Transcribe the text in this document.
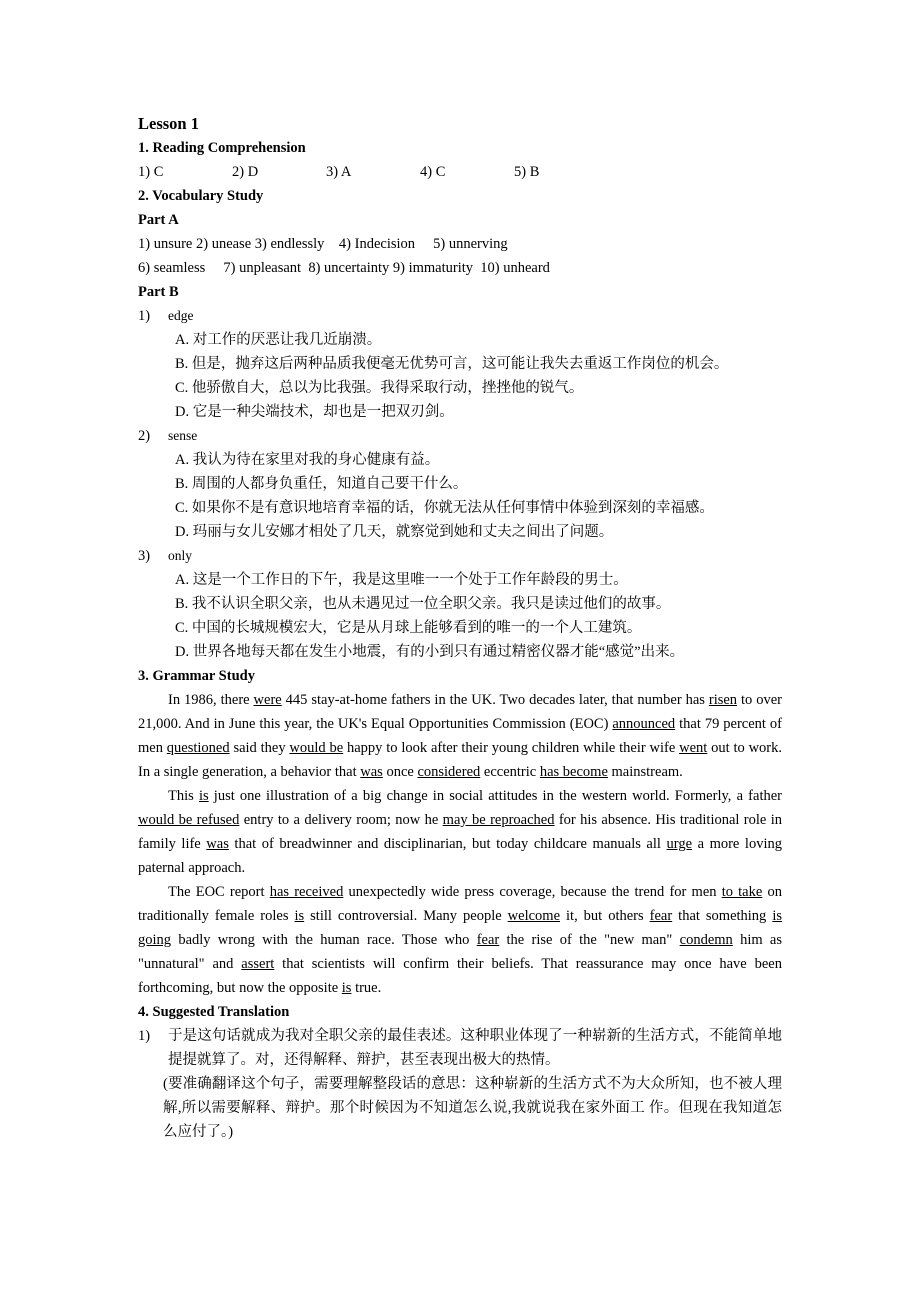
Lesson 1
1. Reading Comprehension
1) C	2) D	3) A	4) C	5) B
2. Vocabulary Study
Part A
1) unsure 2) unease 3) endlessly    4) Indecision     5) unnerving
6) seamless     7) unpleasant  8) uncertainty 9) immaturity  10) unheard
Part B
1)	edge
A. 对工作的厌恶让我几近崩溃。
B. 但是，抛弃这后两种品质我便毫无优势可言，这可能让我失去重返工作岗位的机会。
C. 他骄傲自大，总以为比我强。我得采取行动，挫挫他的锐气。
D. 它是一种尖端技术，却也是一把双刃剑。
2)	sense
A. 我认为待在家里对我的身心健康有益。
B. 周围的人都身负重任，知道自己要干什么。
C. 如果你不是有意识地培育幸福的话，你就无法从任何事情中体验到深刻的幸福感。
D. 玛丽与女儿安娜才相处了几天，就察觉到她和丈夫之间出了问题。
3)	only
A. 这是一个工作日的下午，我是这里唯一一个处于工作年龄段的男士。
B. 我不认识全职父亲，也从未遇见过一位全职父亲。我只是读过他们的故事。
C. 中国的长城规模宏大，它是从月球上能够看到的唯一的一个人工建筑。
D. 世界各地每天都在发生小地震，有的小到只有通过精密仪器才能“感觉”出来。
3. Grammar Study

In 1986, there were 445 stay-at-home fathers in the UK. Two decades later, that number has risen to over 21,000. And in June this year, the UK's Equal Opportunities Commission (EOC) announced that 79 percent of men questioned said they would be happy to look after their young children while their wife went out to work. In a single generation, a behavior that was once considered eccentric has become mainstream.

This is just one illustration of a big change in social attitudes in the western world. Formerly, a father would be refused entry to a delivery room; now he may be reproached for his absence. His traditional role in family life was that of breadwinner and disciplinarian, but today childcare manuals all urge a more loving paternal approach.

The EOC report has received unexpectedly wide press coverage, because the trend for men to take on traditionally female roles is still controversial. Many people welcome it, but others fear that something is going badly wrong with the human race. Those who fear the rise of the "new man" condemn him as "unnatural" and assert that scientists will confirm their beliefs. That reassurance may once have been forthcoming, but now the opposite is true.

4. Suggested Translation
1)	于是这句话就成为我对全职父亲的最佳表述。这种职业体现了一种崭新的生活方式，不能简单地提提就算了。对，还得解释、辩护，甚至表现出极大的热情。
(要准确翻译这个句子，需要理解整段话的意思：这种崭新的生活方式不为大众所知，也不被人理解,所以需要解释、辩护。那个时候因为不知道怎么说,我就说我在家外面工 作。但现在我知道怎么应付了。)
